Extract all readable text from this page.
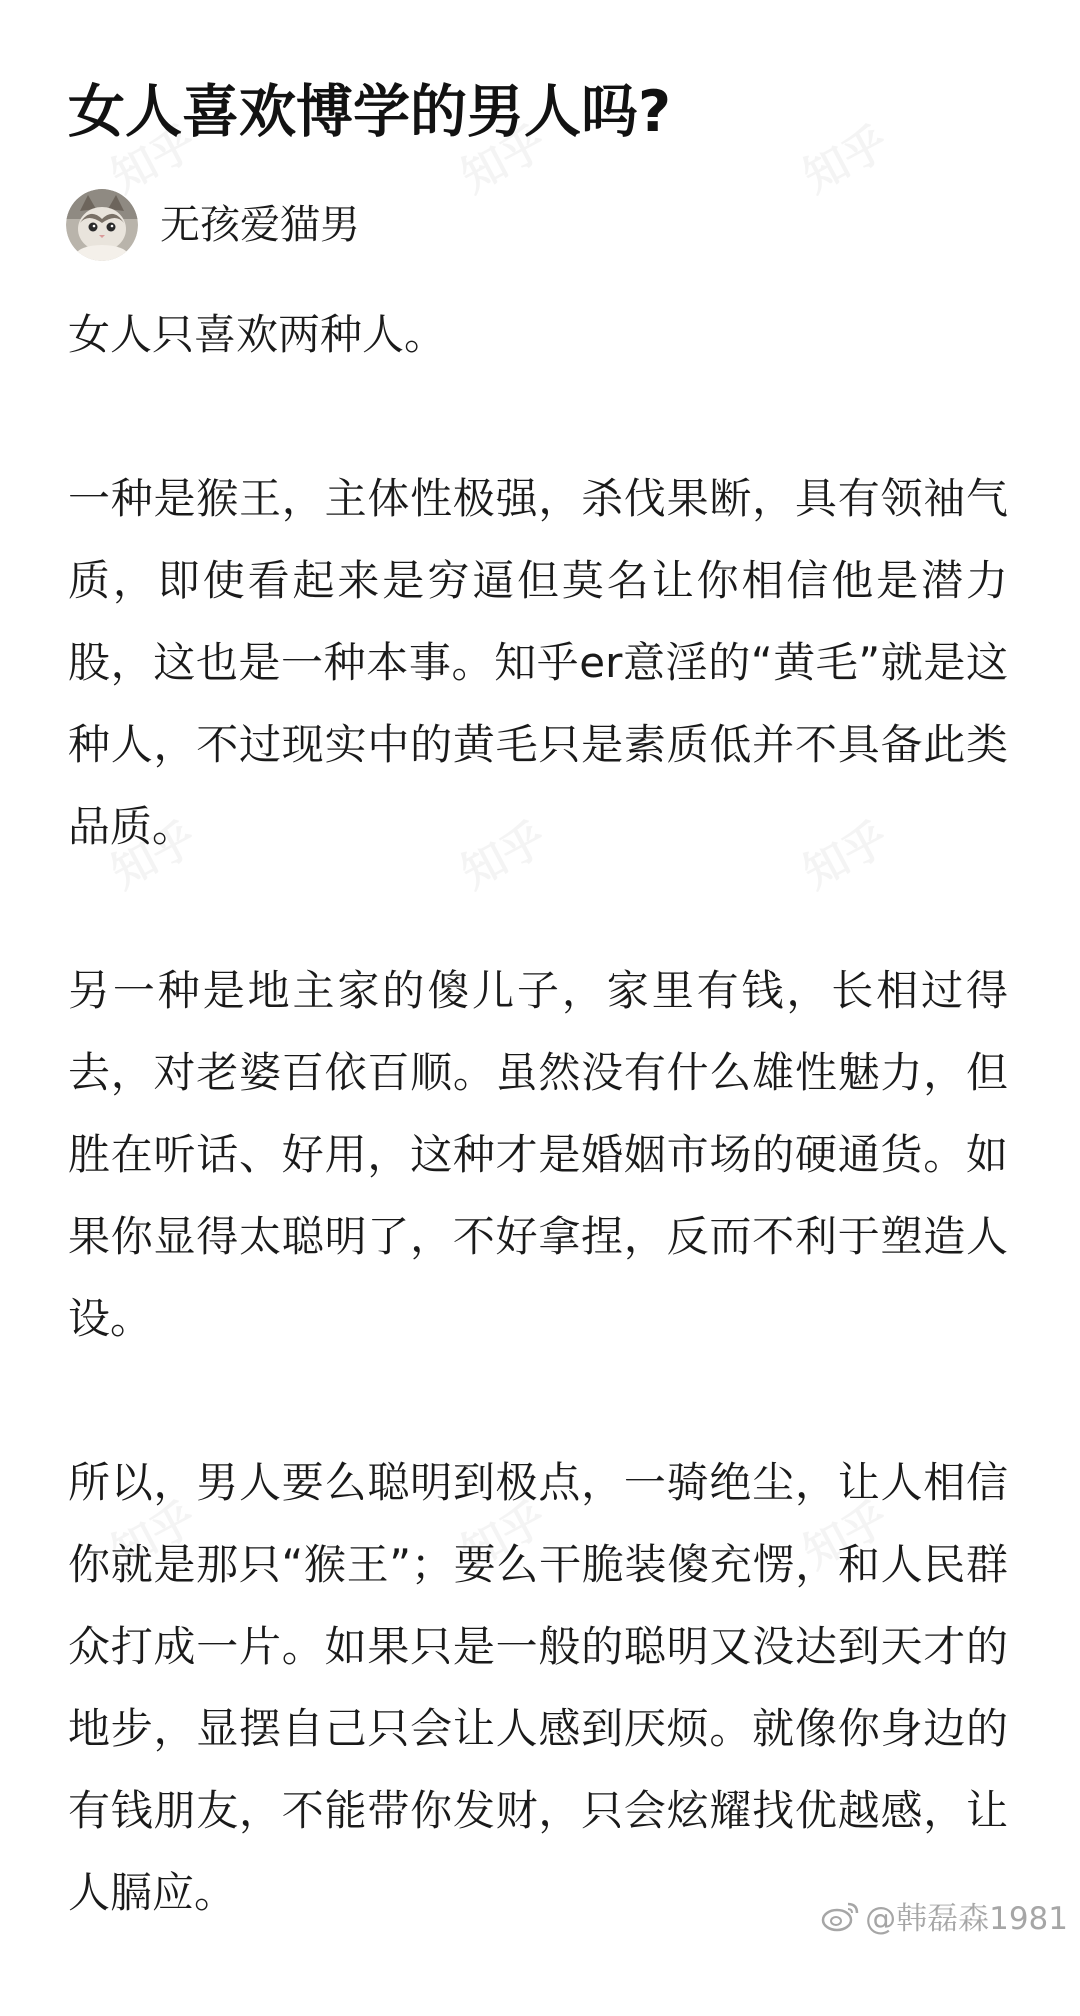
女人喜欢博学的男人吗?
无孩爱猫男

女人只喜欢两种人。

一种是猴王，主体性极强，杀伐果断，具有领袖气质，即使看起来是穷逼但莫名让你相信他是潜力股，这也是一种本事。知乎er意淫的“黄毛”就是这种人，不过现实中的黄毛只是素质低并不具备此类品质。

另一种是地主家的傻儿子，家里有钱，长相过得去，对老婆百依百顺。虽然没有什么雄性魅力，但胜在听话、好用，这种才是婚姻市场的硬通货。如果你显得太聪明了，不好拿捏，反而不利于塑造人设。

所以，男人要么聪明到极点，一骑绝尘，让人相信你就是那只“猴王”；要么干脆装傻充愣，和人民群众打成一片。如果只是一般的聪明又没达到天才的地步，显摆自己只会让人感到厌烦。就像你身边的有钱朋友，不能带你发财，只会炫耀找优越感，让人膈应。

@韩磊森1981
